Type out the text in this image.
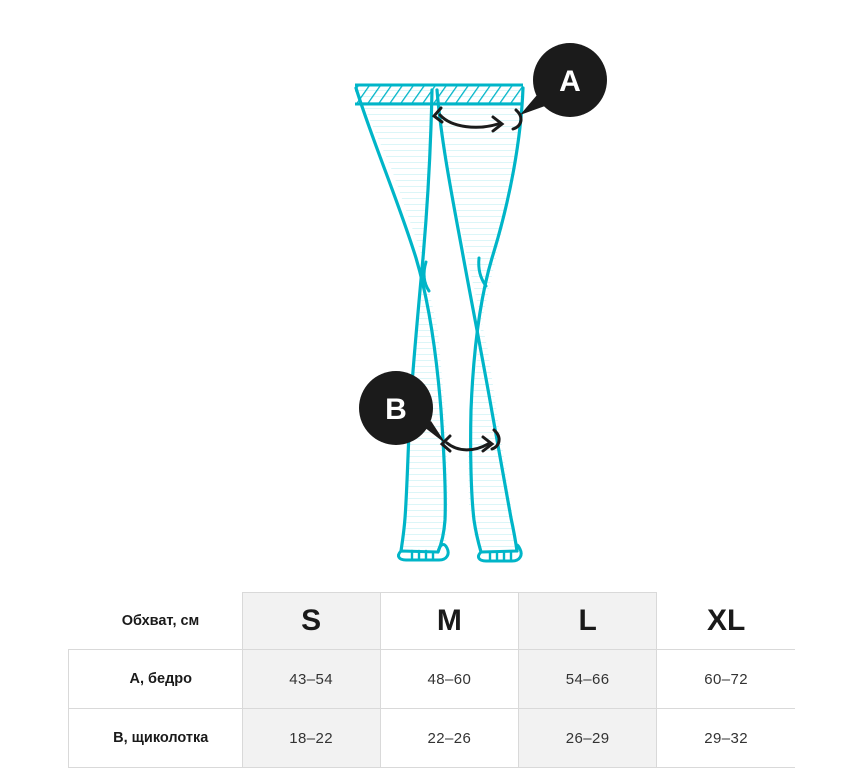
A
B
Обхват, см	S	M	L	XL
A, бедро	43–54	48–60	54–66	60–72
B, щиколотка	18–22	22–26	26–29	29–32
